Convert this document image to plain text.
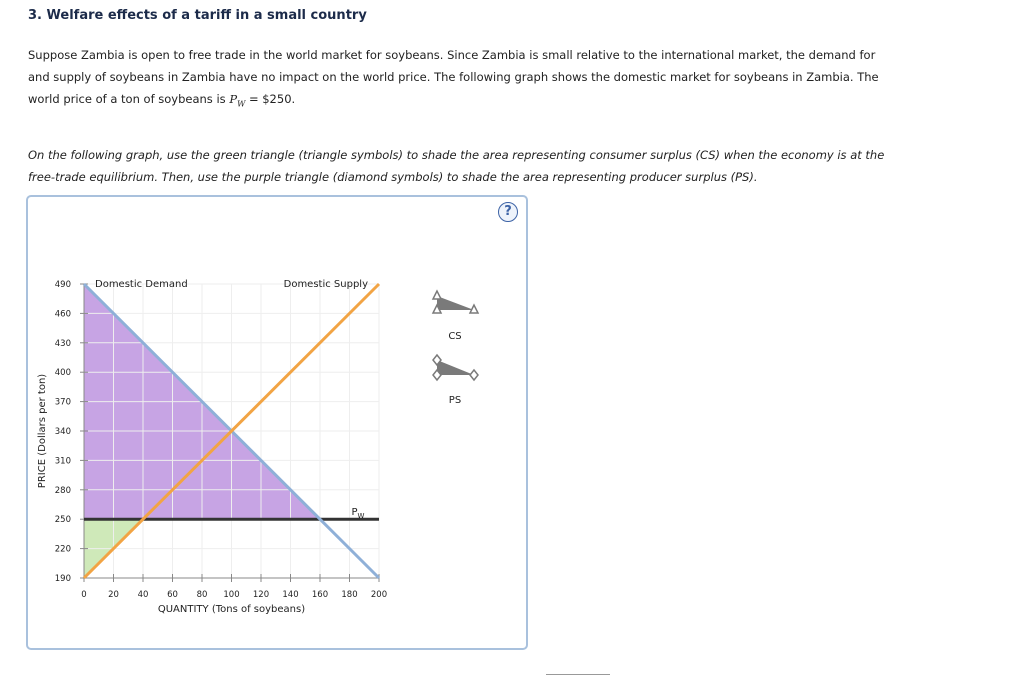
3. Welfare effects of a tariff in a small country
Suppose Zambia is open to free trade in the world market for soybeans. Since Zambia is small relative to the international market, the demand for
and supply of soybeans in Zambia have no impact on the world price. The following graph shows the domestic market for soybeans in Zambia. The
world price of a ton of soybeans is $P_W$ = $250.
On the following graph, use the green triangle (triangle symbols) to shade the area representing consumer surplus (CS) when the economy is at the
free-trade equilibrium. Then, use the purple triangle (diamond symbols) to shade the area representing producer surplus (PS).
?
0	20 40 60 80 100 120 140 160 180 200
190
220
250
280
310
340
370
400
430
460
490 Domestic Demand	Domestic Supply
$P_W$
QUANTITY (Tons of soybeans)
PRICE (Dollars per ton)
CS
PS
